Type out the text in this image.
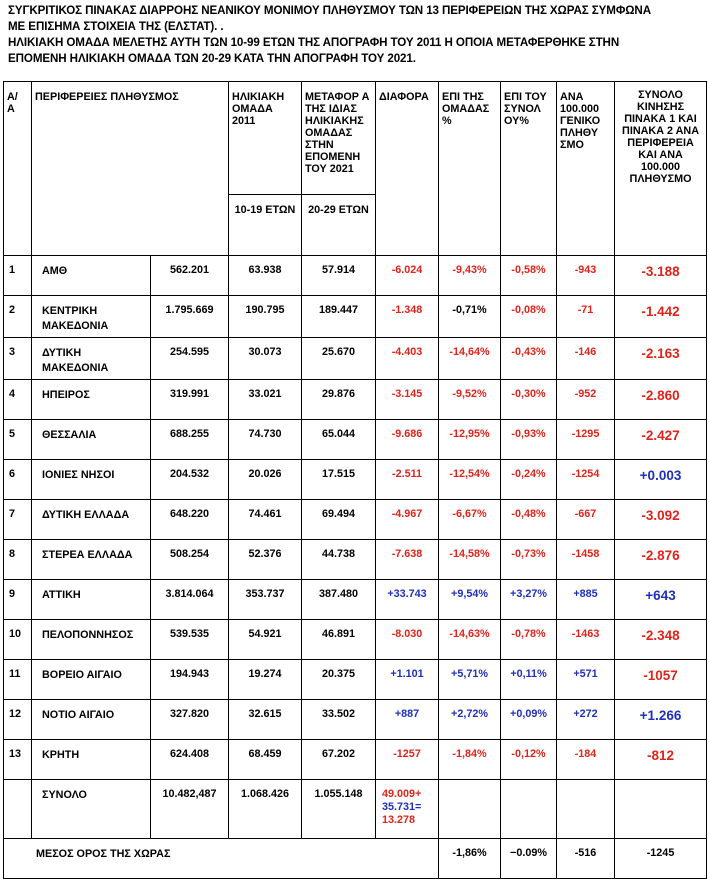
ΣΥΓΚΡΙΤΙΚΟΣ ΠΙΝΑΚΑΣ ΔΙΑΡΡΟΗΣ ΝΕΑΝΙΚΟΥ ΜΟΝΙΜΟΥ ΠΛΗΘΥΣΜΟΥ ΤΩΝ 13 ΠΕΡΙΦΕΡΕΙΩΝ ΤΗΣ ΧΩΡΑΣ ΣΥΜΦΩΝΑ
ΜΕ ΕΠΙΣΗΜΑ ΣΤΟΙΧΕΙΑ ΤΗΣ (ΕΛΣΤΑΤ). .
ΗΛΙΚΙΑΚΗ ΟΜΑΔΑ ΜΕΛΕΤΗΣ ΑΥΤΗ ΤΩΝ 10-99 ΕΤΩΝ ΤΗΣ ΑΠΟΓΡΑΦΗ ΤΟΥ 2011 Η ΟΠΟΙΑ ΜΕΤΑΦΕΡΘΗΚΕ ΣΤΗΝ
ΕΠΟΜΕΝΗ ΗΛΙΚΙΑΚΗ ΟΜΑΔΑ ΤΩΝ 20-29 ΚΑΤΑ ΤΗΝ ΑΠΟΓΡΑΦΗ ΤΟΥ 2021.
Α/ Α	ΠΕΡΙΦΕΡΕΙΕΣ ΠΛΗΘΥΣΜΟΣ		ΗΛΙΚΙΑΚΗ ΟΜΑΔΑ 2011	ΜΕΤΑΦΟΡ Α ΤΗΣ ΙΔΙΑΣ ΗΛΙΚΙΑΚΗΣ ΟΜΑΔΑΣ ΣΤΗΝ ΕΠΟΜΕΝΗ ΤΟΥ 2021	ΔΙΑΦΟΡΑ	ΕΠΙ ΤΗΣ ΟΜΑΔΑΣ %	ΕΠΙ ΤΟΥ ΣΥΝΟΛ ΟΥ%	ΑΝΑ 100.000 ΓΕΝΙΚΟ ΠΛΗΘΥ ΣΜΟ	ΣΥΝΟΛΟ ΚΙΝΗΣΗΣ ΠΙΝΑΚΑ 1 ΚΑΙ ΠΙΝΑΚΑ 2 ΑΝΑ ΠΕΡΙΦΕΡΕΙΑ ΚΑΙ ΑΝΑ 100.000 ΠΛΗΘΥΣΜΟ
			10-19 ΕΤΩΝ	20-29 ΕΤΩΝ					
1	ΑΜΘ	562.201	63.938	57.914	-6.024	-9,43%	-0,58%	-943	-3.188
2	ΚΕΝΤΡΙΚΗ ΜΑΚΕΔΟΝΙΑ	1.795.669	190.795	189.447	-1.348	-0,71%	-0,08%	-71	-1.442
3	ΔΥΤΙΚΗ ΜΑΚΕΔΟΝΙΑ	254.595	30.073	25.670	-4.403	-14,64%	-0,43%	-146	-2.163
4	ΗΠΕΙΡΟΣ	319.991	33.021	29.876	-3.145	-9,52%	-0,30%	-952	-2.860
5	ΘΕΣΣΑΛΙΑ	688.255	74.730	65.044	-9.686	-12,95%	-0,93%	-1295	-2.427
6	ΙΟΝΙΕΣ ΝΗΣΟΙ	204.532	20.026	17.515	-2.511	-12,54%	-0,24%	-1254	+0.003
7	ΔΥΤΙΚΗ ΕΛΛΑΔΑ	648.220	74.461	69.494	-4.967	-6,67%	-0,48%	-667	-3.092
8	ΣΤΕΡΕΑ ΕΛΛΑΔΑ	508.254	52.376	44.738	-7.638	-14,58%	-0,73%	-1458	-2.876
9	ΑΤΤΙΚΗ	3.814.064	353.737	387.480	+33.743	+9,54%	+3,27%	+885	+643
10	ΠΕΛΟΠΟΝΝΗΣΟΣ	539.535	54.921	46.891	-8.030	-14,63%	-0,78%	-1463	-2.348
11	ΒΟΡΕΙΟ ΑΙΓΑΙΟ	194.943	19.274	20.375	+1.101	+5,71%	+0,11%	+571	-1057
12	ΝΟΤΙΟ ΑΙΓΑΙΟ	327.820	32.615	33.502	+887	+2,72%	+0,09%	+272	+1.266
13	ΚΡΗΤΗ	624.408	68.459	67.202	-1257	-1,84%	-0,12%	-184	-812
	ΣΥΝΟΛΟ	10.482,487	1.068.426	1.055.148	49.009+
35.731=
13.278				

ΜΕΣΟΣ ΟΡΟΣ ΤΗΣ ΧΩΡΑΣ						-1,86%	−0.09%	-516	-1245
